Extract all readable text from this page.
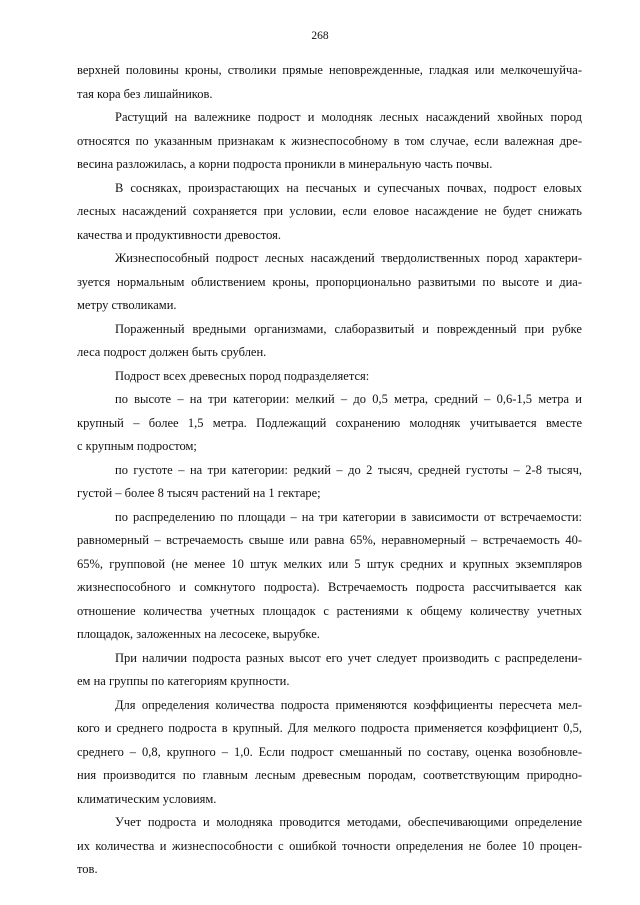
268
верхней половины кроны, стволики прямые неповрежденные, гладкая или мелкочешуйча-
тая кора без лишайников.
Растущий на валежнике подрост и молодняк лесных насаждений хвойных пород
относятся по указанным признакам к жизнеспособному в том случае, если валежная дре-
весина разложилась, а корни подроста проникли в минеральную часть почвы.
В сосняках, произрастающих на песчаных и супесчаных почвах, подрост еловых
лесных насаждений сохраняется при условии, если еловое насаждение не будет снижать
качества и продуктивности древостоя.
Жизнеспособный подрост лесных насаждений твердолиственных пород характери-
зуется нормальным облиствением кроны, пропорционально развитыми по высоте и диа-
метру стволиками.
Пораженный вредными организмами, слаборазвитый и поврежденный при рубке
леса подрост должен быть срублен.
Подрост всех древесных пород подразделяется:
по высоте – на три категории: мелкий – до 0,5 метра, средний – 0,6-1,5 метра и
крупный – более 1,5 метра. Подлежащий сохранению молодняк учитывается вместе
с крупным подростом;
по густоте – на три категории: редкий – до 2 тысяч, средней густоты – 2-8 тысяч,
густой – более 8 тысяч растений на 1 гектаре;
по распределению по площади – на три категории в зависимости от встречаемости:
равномерный – встречаемость свыше или равна 65%, неравномерный – встречаемость 40-
65%, групповой (не менее 10 штук мелких или 5 штук средних и крупных экземпляров
жизнеспособного и сомкнутого подроста). Встречаемость подроста рассчитывается как
отношение количества учетных площадок с растениями к общему количеству учетных
площадок, заложенных на лесосеке, вырубке.
При наличии подроста разных высот его учет следует производить с распределени-
ем на группы по категориям крупности.
Для определения количества подроста применяются коэффициенты пересчета мел-
кого и среднего подроста в крупный. Для мелкого подроста применяется коэффициент 0,5,
среднего – 0,8, крупного – 1,0. Если подрост смешанный по составу, оценка возобновле-
ния производится по главным лесным древесным породам, соответствующим природно-
климатическим условиям.
Учет подроста и молодняка проводится методами, обеспечивающими определение
их количества и жизнеспособности с ошибкой точности определения не более 10 процен-
тов.
